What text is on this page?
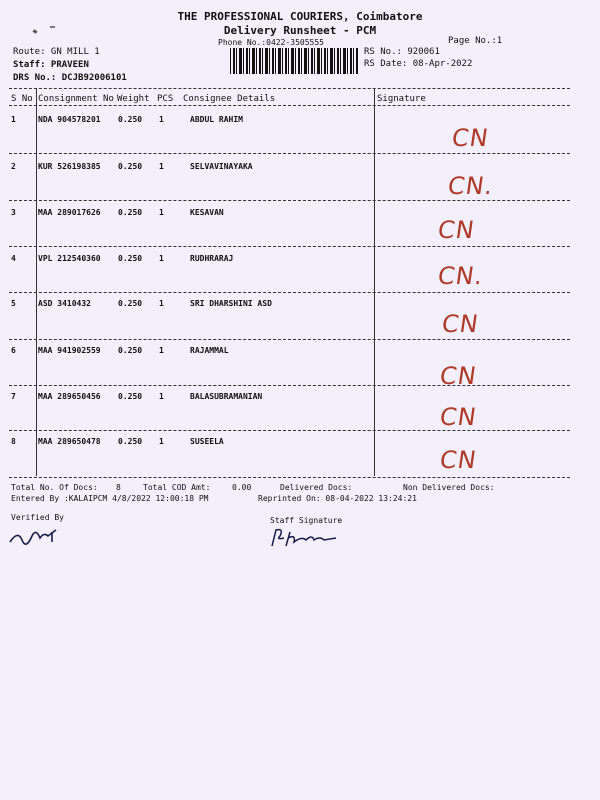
THE PROFESSIONAL COURIERS, Coimbatore
Delivery Runsheet - PCM
Phone No.:0422-3505555	Page No.:1
Route: GN MILL 1
Staff: PRAVEEN
DRS No.: DCJB92006101
RS No.: 920061
RS Date: 08-Apr-2022
S No Consignment No Weight PCS Consignee Details	Signature
1	NDA 904578201 0.250 1	ABDUL RAHIM
CN
2	KUR 526198385 0.250 1	SELVAVINAYAKA
CN.
3	MAA 289017626 0.250 1	KESAVAN
CN
4	VPL 212540360 0.250 1	RUDHRARAJ
CN.
5	ASD 3410432	0.250 1	SRI DHARSHINI ASD
CN
6	MAA 941902559 0.250 1	RAJAMMAL
CN
7	MAA 289650456 0.250 1	BALASUBRAMANIAN
CN
8	MAA 289650478 0.250 1	SUSEELA
CN
Total No. Of Docs: 8	Total COD Amt:	0.00	Delivered Docs:	Non Delivered Docs:
Entered By :KALAIPCM 4/8/2022 12:00:18 PM	Reprinted On: 08-04-2022 13:24:21
Verified By	Staff Signature
